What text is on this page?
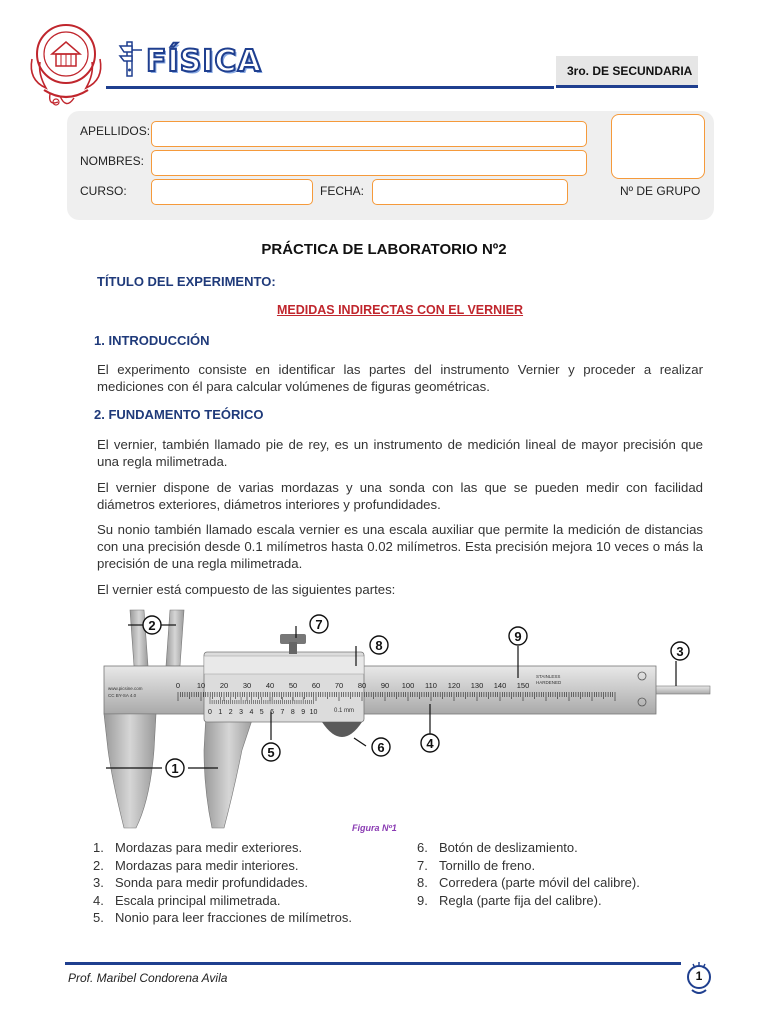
FÍSICA	3ro. DE SECUNDARIA
APELLIDOS:
NOMBRES:
CURSO:	FECHA:	Nº DE GRUPO
PRÁCTICA DE LABORATORIO Nº2
TÍTULO DEL EXPERIMENTO:
MEDIDAS INDIRECTAS CON EL VERNIER
1. INTRODUCCIÓN

El experimento consiste en identificar las partes del instrumento Vernier y proceder a realizar mediciones con él para calcular volúmenes de figuras geométricas.

2. FUNDAMENTO TEÓRICO

El vernier, también llamado pie de rey, es un instrumento de medición lineal de mayor precisión que una regla milimetrada.

El vernier dispone de varias mordazas y una sonda con las que se pueden medir con facilidad diámetros exteriores, diámetros interiores y profundidades.

Su nonio también llamado escala vernier es una escala auxiliar que permite la medición de distancias con una precisión desde 0.1 milímetros hasta 0.02 milímetros. Esta precisión mejora 10 veces o más la precisión de una regla milimetrada.

El vernier está compuesto de las siguientes partes:

0 10 20 30 40 50 60 70 80 90 100 110 120 130 140 150
0 1 2 3 4 5 6 7 8 9 10	0.1 mm
www.picsine.com
CC BY-SA 4.0
STAINLESS
HARDENED
1
2
3
4
5	6
7
8
9
Figura Nº1
1. Mordazas para medir exteriores.
2. Mordazas para medir interiores.
3. Sonda para medir profundidades.
4. Escala principal milimetrada.
5. Nonio para leer fracciones de milímetros.
6. Botón de deslizamiento.
7. Tornillo de freno.
8. Corredera (parte móvil del calibre).
9. Regla (parte fija del calibre).
Prof. Maribel Condorena Avila	1
